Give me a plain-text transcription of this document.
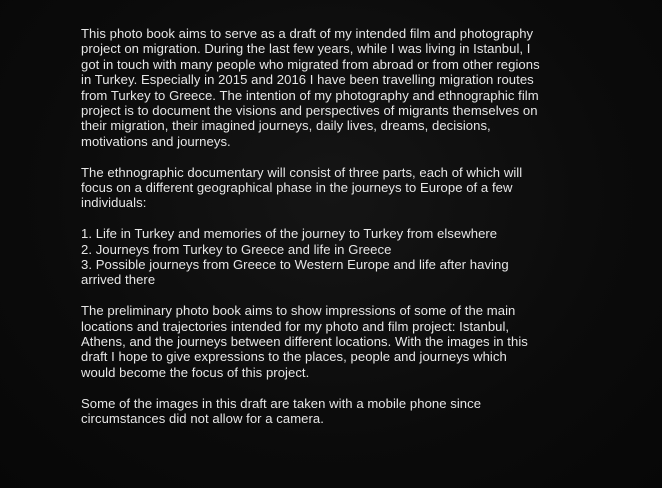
This photo book aims to serve as a draft of my intended film and photography
project on migration. During the last few years, while I was living in Istanbul, I
got in touch with many people who migrated from abroad or from other regions
in Turkey. Especially in 2015 and 2016 I have been travelling migration routes
from Turkey to Greece. The intention of my photography and ethnographic film
project is to document the visions and perspectives of migrants themselves on
their migration, their imagined journeys, daily lives, dreams, decisions,
motivations and journeys.

The ethnographic documentary will consist of three parts, each of which will
focus on a different geographical phase in the journeys to Europe of a few
individuals:

1. Life in Turkey and memories of the journey to Turkey from elsewhere
2. Journeys from Turkey to Greece and life in Greece
3. Possible journeys from Greece to Western Europe and life after having
arrived there

The preliminary photo book aims to show impressions of some of the main
locations and trajectories intended for my photo and film project: Istanbul,
Athens, and the journeys between different locations. With the images in this
draft I hope to give expressions to the places, people and journeys which
would become the focus of this project.

Some of the images in this draft are taken with a mobile phone since
circumstances did not allow for a camera.
